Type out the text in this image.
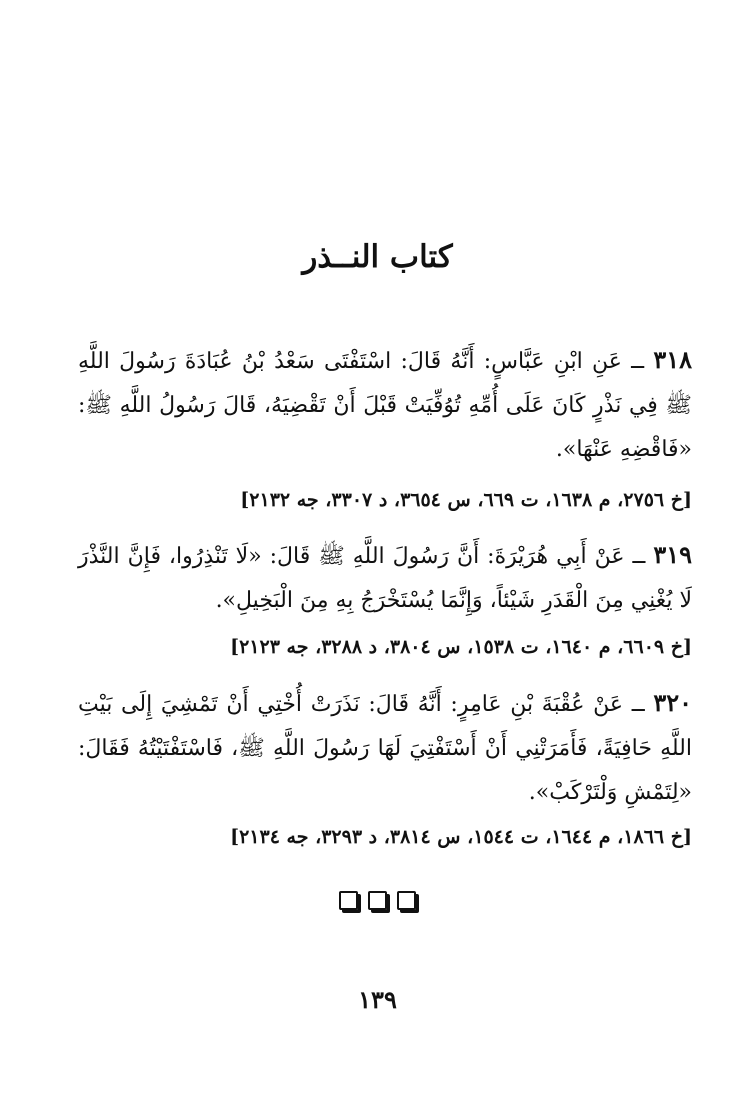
كتاب النــذر
٣١٨ ــ عَنِ ابْنِ عَبَّاسٍ: أَنَّهُ قَالَ: اسْتَفْتَى سَعْدُ بْنُ عُبَادَةَ رَسُولَ اللَّهِ ﷺ فِي نَذْرٍ كَانَ عَلَى أُمِّهِ تُوُفِّيَتْ قَبْلَ أَنْ تَقْضِيَهُ، قَالَ رَسُولُ اللَّهِ ﷺ: «فَاقْضِهِ عَنْهَا».
[خ ٢٧٥٦، م ١٦٣٨، ت ٦٦٩، س ٣٦٥٤، د ٣٣٠٧، جه ٢١٣٢]
٣١٩ ــ عَنْ أَبِي هُرَيْرَةَ: أَنَّ رَسُولَ اللَّهِ ﷺ قَالَ: «لَا تَنْذِرُوا، فَإِنَّ النَّذْرَ لَا يُغْنِي مِنَ الْقَدَرِ شَيْئاً، وَإِنَّمَا يُسْتَخْرَجُ بِهِ مِنَ الْبَخِيلِ».
[خ ٦٦٠٩، م ١٦٤٠، ت ١٥٣٨، س ٣٨٠٤، د ٣٢٨٨، جه ٢١٢٣]
٣٢٠ ــ عَنْ عُقْبَةَ بْنِ عَامِرٍ: أَنَّهُ قَالَ: نَذَرَتْ أُخْتِي أَنْ تَمْشِيَ إِلَى بَيْتِ اللَّهِ حَافِيَةً، فَأَمَرَتْنِي أَنْ أَسْتَفْتِيَ لَهَا رَسُولَ اللَّهِ ﷺ، فَاسْتَفْتَيْتُهُ فَقَالَ: «لِتَمْشِ وَلْتَرْكَبْ».
[خ ١٨٦٦، م ١٦٤٤، ت ١٥٤٤، س ٣٨١٤، د ٣٢٩٣، جه ٢١٣٤]
١٣٩
